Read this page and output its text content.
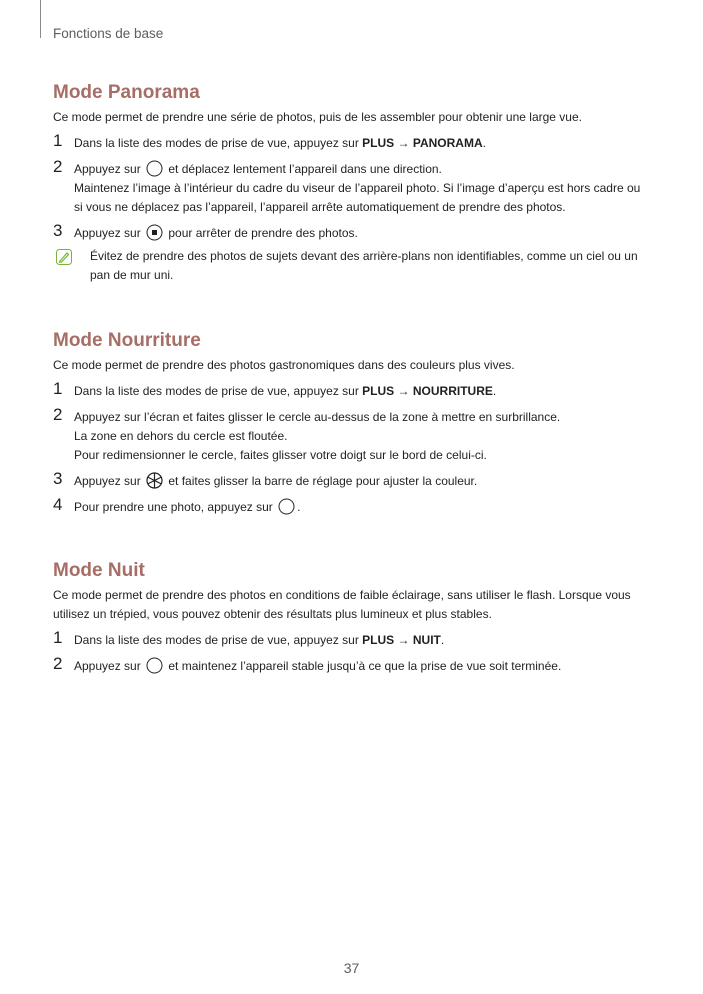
Fonctions de base
Mode Panorama

Ce mode permet de prendre une série de photos, puis de les assembler pour obtenir une large vue.

1 Dans la liste des modes de prise de vue, appuyez sur PLUS → PANORAMA.

2 Appuyez sur  et déplacez lentement l’appareil dans une direction.

Maintenez l’image à l’intérieur du cadre du viseur de l’appareil photo. Si l’image d’aperçu est hors cadre ou si vous ne déplacez pas l’appareil, l’appareil arrête automatiquement de prendre des photos.

3 Appuyez sur  pour arrêter de prendre des photos.

Évitez de prendre des photos de sujets devant des arrière-plans non identifiables, comme un ciel ou un pan de mur uni.
Mode Nourriture

Ce mode permet de prendre des photos gastronomiques dans des couleurs plus vives.

1 Dans la liste des modes de prise de vue, appuyez sur PLUS → NOURRITURE.

2 Appuyez sur l’écran et faites glisser le cercle au-dessus de la zone à mettre en surbrillance.

La zone en dehors du cercle est floutée.

Pour redimensionner le cercle, faites glisser votre doigt sur le bord de celui-ci.

3 Appuyez sur  et faites glisser la barre de réglage pour ajuster la couleur.

4 Pour prendre une photo, appuyez sur .

Mode Nuit

Ce mode permet de prendre des photos en conditions de faible éclairage, sans utiliser le flash. Lorsque vous utilisez un trépied, vous pouvez obtenir des résultats plus lumineux et plus stables.

1 Dans la liste des modes de prise de vue, appuyez sur PLUS → NUIT.

2 Appuyez sur  et maintenez l’appareil stable jusqu’à ce que la prise de vue soit terminée.

37
